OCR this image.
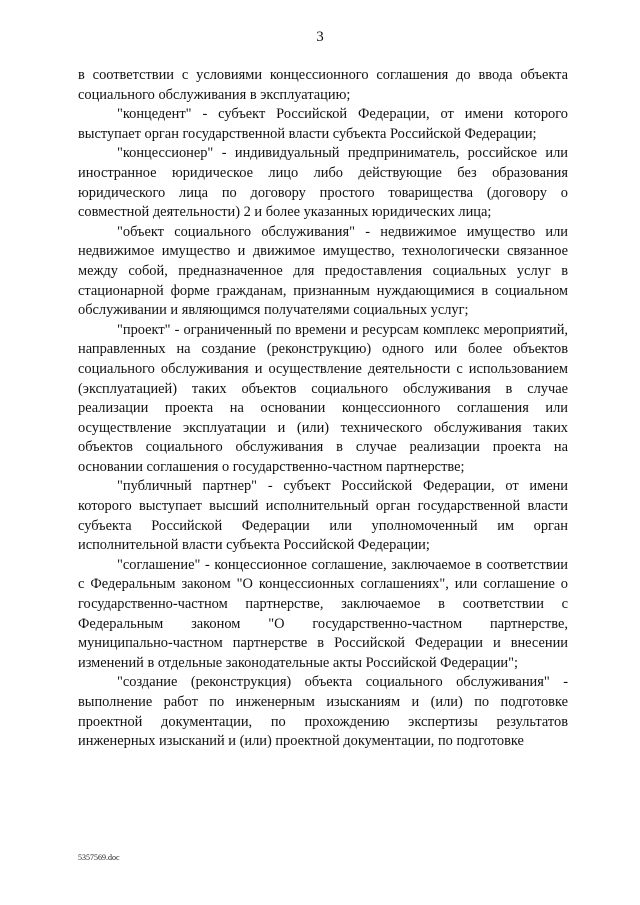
3

в соответствии с условиями концессионного соглашения до ввода объекта социального обслуживания в эксплуатацию;

"концедент" - субъект Российской Федерации, от имени которого выступает орган государственной власти субъекта Российской Федерации;

"концессионер" - индивидуальный предприниматель, российское или иностранное юридическое лицо либо действующие без образования юридического лица по договору простого товарищества (договору о совместной деятельности) 2 и более указанных юридических лица;

"объект социального обслуживания" - недвижимое имущество или недвижимое имущество и движимое имущество, технологически связанное между собой, предназначенное для предоставления социальных услуг в стационарной форме гражданам, признанным нуждающимися в социальном обслуживании и являющимся получателями социальных услуг;

"проект" - ограниченный по времени и ресурсам комплекс мероприятий, направленных на создание (реконструкцию) одного или более объектов социального обслуживания и осуществление деятельности с использованием (эксплуатацией) таких объектов социального обслуживания в случае реализации проекта на основании концессионного соглашения или осуществление эксплуатации и (или) технического обслуживания таких объектов социального обслуживания в случае реализации проекта на основании соглашения о государственно-частном партнерстве;

"публичный партнер" - субъект Российской Федерации, от имени которого выступает высший исполнительный орган государственной власти субъекта Российской Федерации или уполномоченный им орган исполнительной власти субъекта Российской Федерации;

"соглашение" - концессионное соглашение, заключаемое в соответствии с Федеральным законом "О концессионных соглашениях", или соглашение о государственно-частном партнерстве, заключаемое в соответствии с Федеральным законом "О государственно-частном партнерстве, муниципально-частном партнерстве в Российской Федерации и внесении изменений в отдельные законодательные акты Российской Федерации";

"создание (реконструкция) объекта социального обслуживания" - выполнение работ по инженерным изысканиям и (или) по подготовке проектной документации, по прохождению экспертизы результатов инженерных изысканий и (или) проектной документации, по подготовке

5357569.doc
